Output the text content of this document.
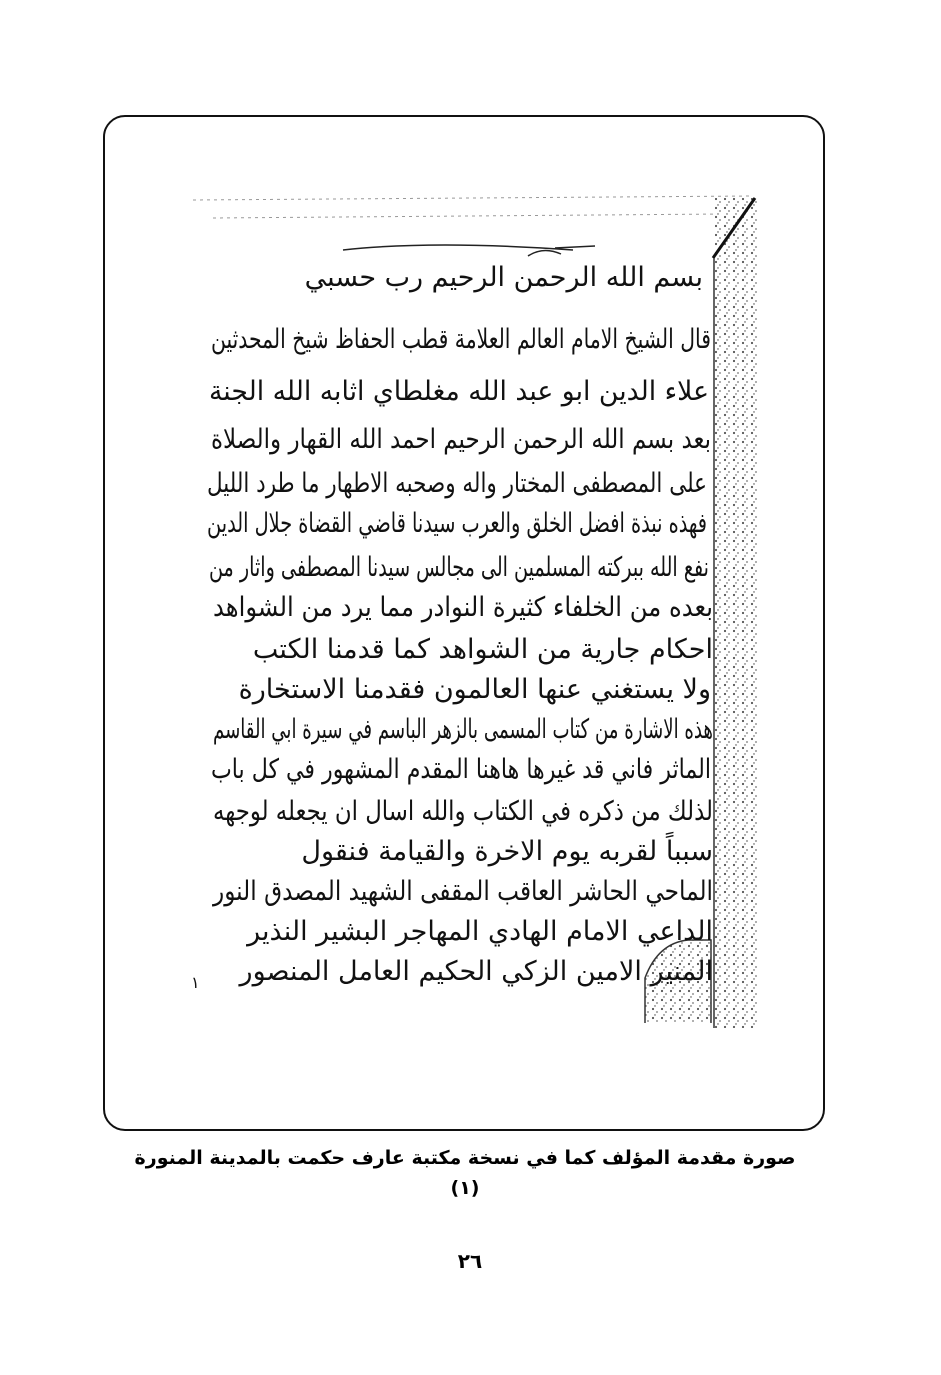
بسم الله الرحمن الرحيم رب حسبي
قال الشيخ الامام العالم العلامة قطب الحفاظ شيخ المحدثين
علاء الدين ابو عبد الله مغلطاي اثابه الله الجنة
بعد بسم الله الرحمن الرحيم احمد الله القهار والصلاة
على المصطفى المختار واله وصحبه الاطهار ما طرد الليل
فهذه نبذة افضل الخلق والعرب سيدنا قاضي القضاة جلال الدين
نفع الله ببركته المسلمين الى مجالس سيدنا المصطفى واثار من
بعده من الخلفاء كثيرة النوادر مما يرد من الشواهد
احكام جارية من الشواهد كما قدمنا الكتب
ولا يستغني عنها العالمون فقدمنا الاستخارة
هذه الاشارة من كتاب المسمى بالزهر الباسم في سيرة ابي القاسم
الماثر فاني قد غيرها هاهنا المقدم المشهور في كل باب
لذلك من ذكره في الكتاب والله اسال ان يجعله لوجهه
سبباً لقربه يوم الاخرة والقيامة فنقول
الماحي الحاشر العاقب المقفى الشهيد المصدق النور
الداعي الامام الهادي المهاجر البشير النذير
المنير الامين الزكي الحكيم العامل المنصور
١
صورة مقدمة المؤلف كما في نسخة مكتبة عارف حكمت بالمدينة المنورة (١)
٢٦
